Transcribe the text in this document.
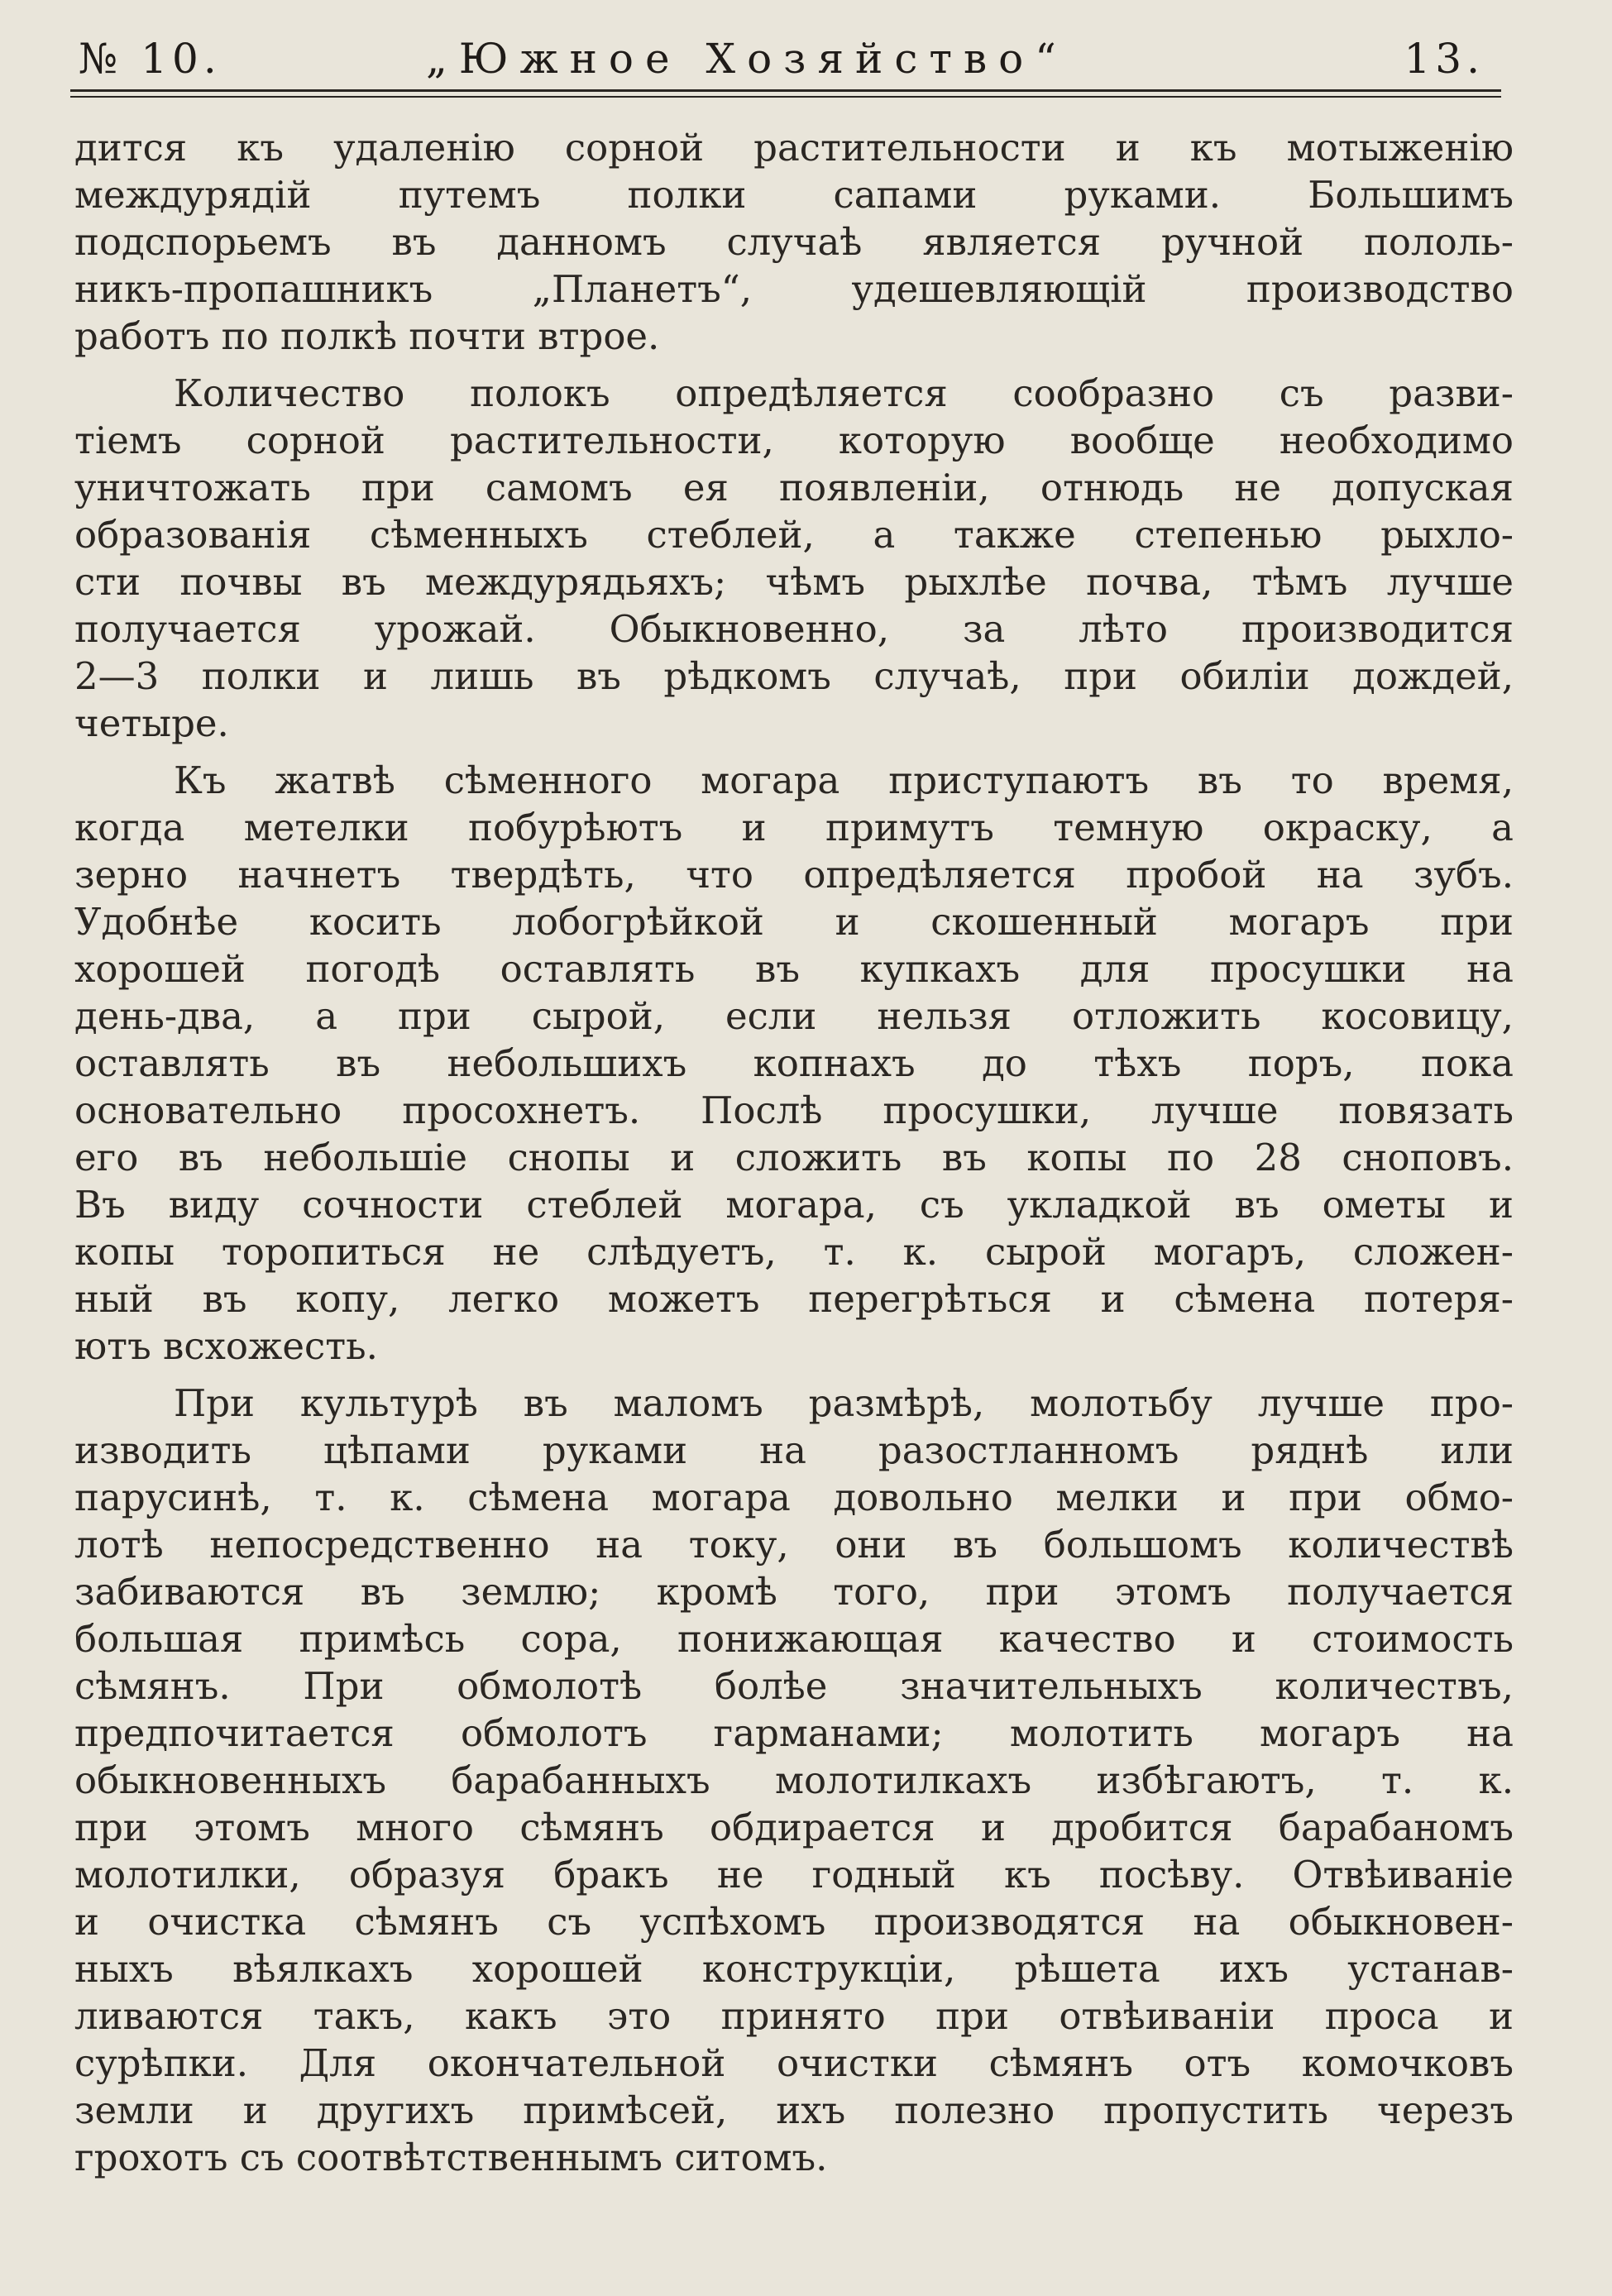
№ 10.	„Южное Хозяйство“	13.
дится къ удаленію сорной растительности и къ мотыженію
междурядій путемъ полки сапами руками. Большимъ
подспорьемъ въ данномъ случаѣ является ручной пололь-
никъ-пропашникъ „Планетъ“, удешевляющій производство
работъ по полкѣ почти втрое.
Количество полокъ опредѣляется сообразно съ разви-
тіемъ сорной растительности, которую вообще необходимо
уничтожать при самомъ ея появленіи, отнюдь не допуская
образованія сѣменныхъ стеблей, а также степенью рыхло-
сти почвы въ междурядьяхъ; чѣмъ рыхлѣе почва, тѣмъ лучше
получается урожай. Обыкновенно, за лѣто производится
2—3 полки и лишь въ рѣдкомъ случаѣ, при обиліи дождей,
четыре.
Къ жатвѣ сѣменного могара приступаютъ въ то время,
когда метелки побурѣютъ и примутъ темную окраску, а
зерно начнетъ твердѣть, что опредѣляется пробой на зубъ.
Удобнѣе косить лобогрѣйкой и скошенный могаръ при
хорошей погодѣ оставлять въ купкахъ для просушки на
день-два, а при сырой, если нельзя отложить косовицу,
оставлять въ небольшихъ копнахъ до тѣхъ поръ, пока
основательно просохнетъ. Послѣ просушки, лучше повязать
его въ небольшіе снопы и сложить въ копы по 28 сноповъ.
Въ виду сочности стеблей могара, съ укладкой въ ометы и
копы торопиться не слѣдуетъ, т. к. сырой могаръ, сложен-
ный въ копу, легко можетъ перегрѣться и сѣмена потеря-
ютъ всхожесть.
При культурѣ въ маломъ размѣрѣ, молотьбу лучше про-
изводить цѣпами руками на разостланномъ ряднѣ или
парусинѣ, т. к. сѣмена могара довольно мелки и при обмо-
лотѣ непосредственно на току, они въ большомъ количествѣ
забиваются въ землю; кромѣ того, при этомъ получается
большая примѣсь сора, понижающая качество и стоимость
сѣмянъ. При обмолотѣ болѣе значительныхъ количествъ,
предпочитается обмолотъ гарманами; молотить могаръ на
обыкновенныхъ барабанныхъ молотилкахъ избѣгаютъ, т. к.
при этомъ много сѣмянъ обдирается и дробится барабаномъ
молотилки, образуя бракъ не годный къ посѣву. Отвѣиваніе
и очистка сѣмянъ съ успѣхомъ производятся на обыкновен-
ныхъ вѣялкахъ хорошей конструкціи, рѣшета ихъ устанав-
ливаются такъ, какъ это принято при отвѣиваніи проса и
сурѣпки. Для окончательной очистки сѣмянъ отъ комочковъ
земли и другихъ примѣсей, ихъ полезно пропустить черезъ
грохотъ съ соотвѣтственнымъ ситомъ.
